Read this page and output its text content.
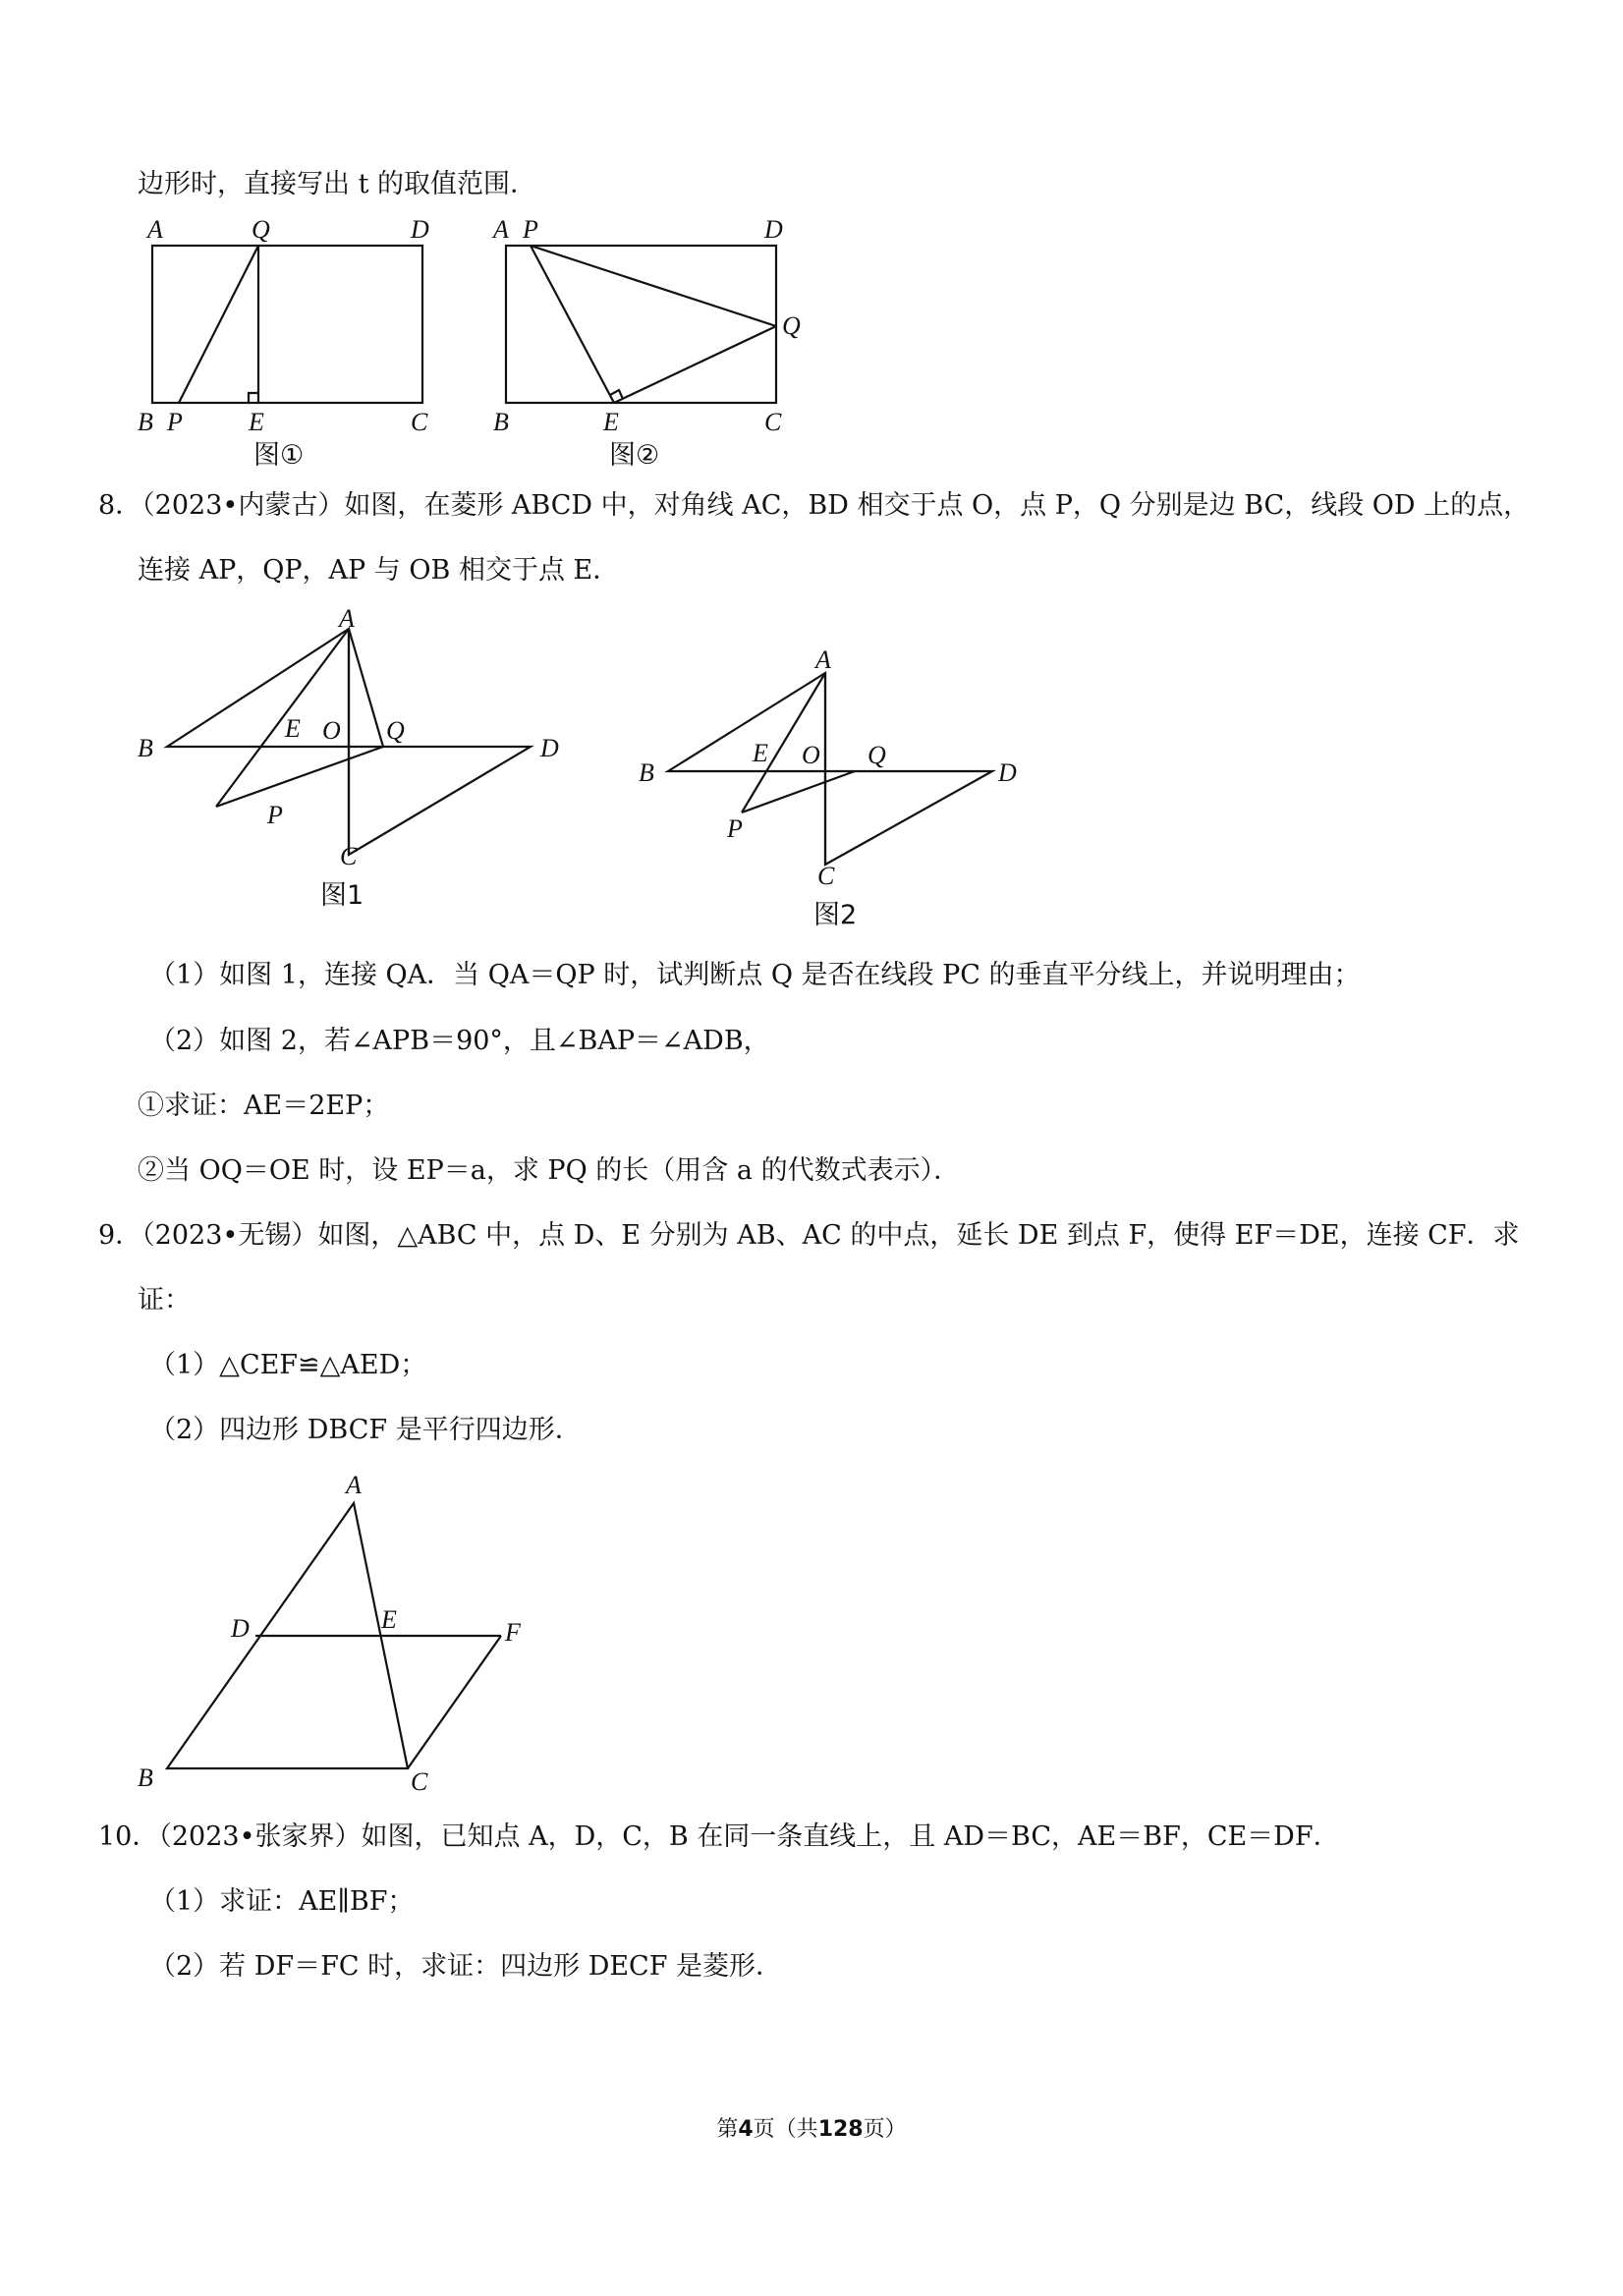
边形时，直接写出 t 的取值范围．
A	Q	D
B P	E	C
图①
A P	D
Q
B	E	C
图②
8．（2023•内蒙古）如图，在菱形 ABCD 中，对角线 AC，BD 相交于点 O，点 P，Q 分别是边 BC，线段 OD 上的点，
连接 AP，QP，AP 与 OB 相交于点 E．
A
B
E O Q
D
P
C
图1
A
B
E O Q
D
P
C
图2
（1）如图 1，连接 QA．当 QA＝QP 时，试判断点 Q 是否在线段 PC 的垂直平分线上，并说明理由；
（2）如图 2，若∠APB＝90°，且∠BAP＝∠ADB，
①求证：AE＝2EP；
②当 OQ＝OE 时，设 EP＝a，求 PQ 的长（用含 a 的代数式表示）．
9．（2023•无锡）如图，△ABC 中，点 D、E 分别为 AB、AC 的中点，延长 DE 到点 F，使得 EF＝DE，连接 CF．求
证：
（1）△CEF≌△AED；
（2）四边形 DBCF 是平行四边形．
A
D	E	F
B	C
10．（2023•张家界）如图，已知点 A，D，C，B 在同一条直线上，且 AD＝BC，AE＝BF，CE＝DF．
（1）求证：AE∥BF；
（2）若 DF＝FC 时，求证：四边形 DECF 是菱形．
第4页（共128页）
